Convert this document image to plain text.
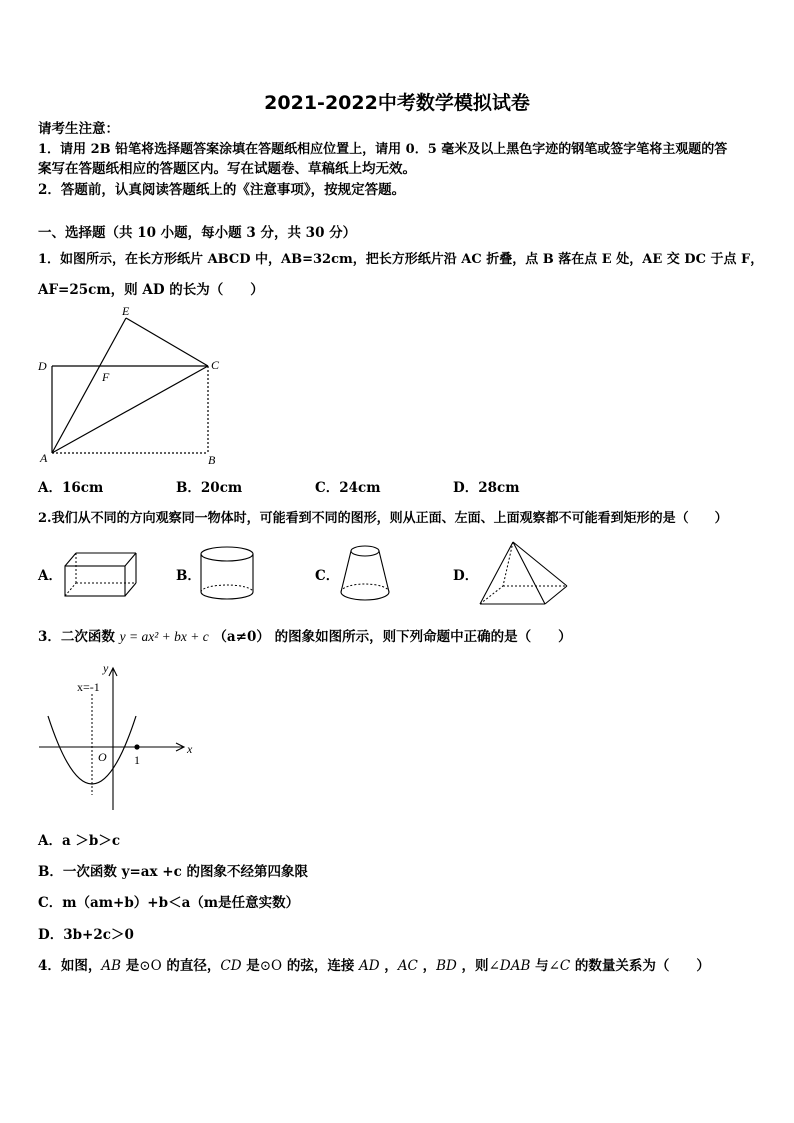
2021-2022中考数学模拟试卷
请考生注意：
1．请用 2B 铅笔将选择题答案涂填在答题纸相应位置上，请用 0．5 毫米及以上黑色字迹的钢笔或签字笔将主观题的答
案写在答题纸相应的答题区内。写在试题卷、草稿纸上均无效。
2．答题前，认真阅读答题纸上的《注意事项》，按规定答题。
一、选择题（共 10 小题，每小题 3 分，共 30 分）
1．如图所示，在长方形纸片 ABCD 中，AB=32cm，把长方形纸片沿 AC 折叠，点 B 落在点 E 处，AE 交 DC 于点 F，
AF=25cm，则 AD 的长为（　　）
E
D
F
C
A	B
A．16cm	B．20cm	C．24cm	D．28cm
2.我们从不同的方向观察同一物体时，可能看到不同的图形，则从正面、左面、上面观察都不可能看到矩形的是（　　）
A．	B．	C．	D．
3．二次函数 y = ax² + bx + c （a≠0） 的图象如图所示，则下列命题中正确的是（　　）
y
x
x=-1
O 1
A．a ＞b＞c
B．一次函数 y=ax +c 的图象不经第四象限
C．m（am+b）+b＜a（m是任意实数）
D．3b+2c＞0
4．如图，AB 是⊙O 的直径，CD 是⊙O 的弦，连接 AD ，AC ，BD ，则∠DAB 与∠C 的数量关系为（　　）
